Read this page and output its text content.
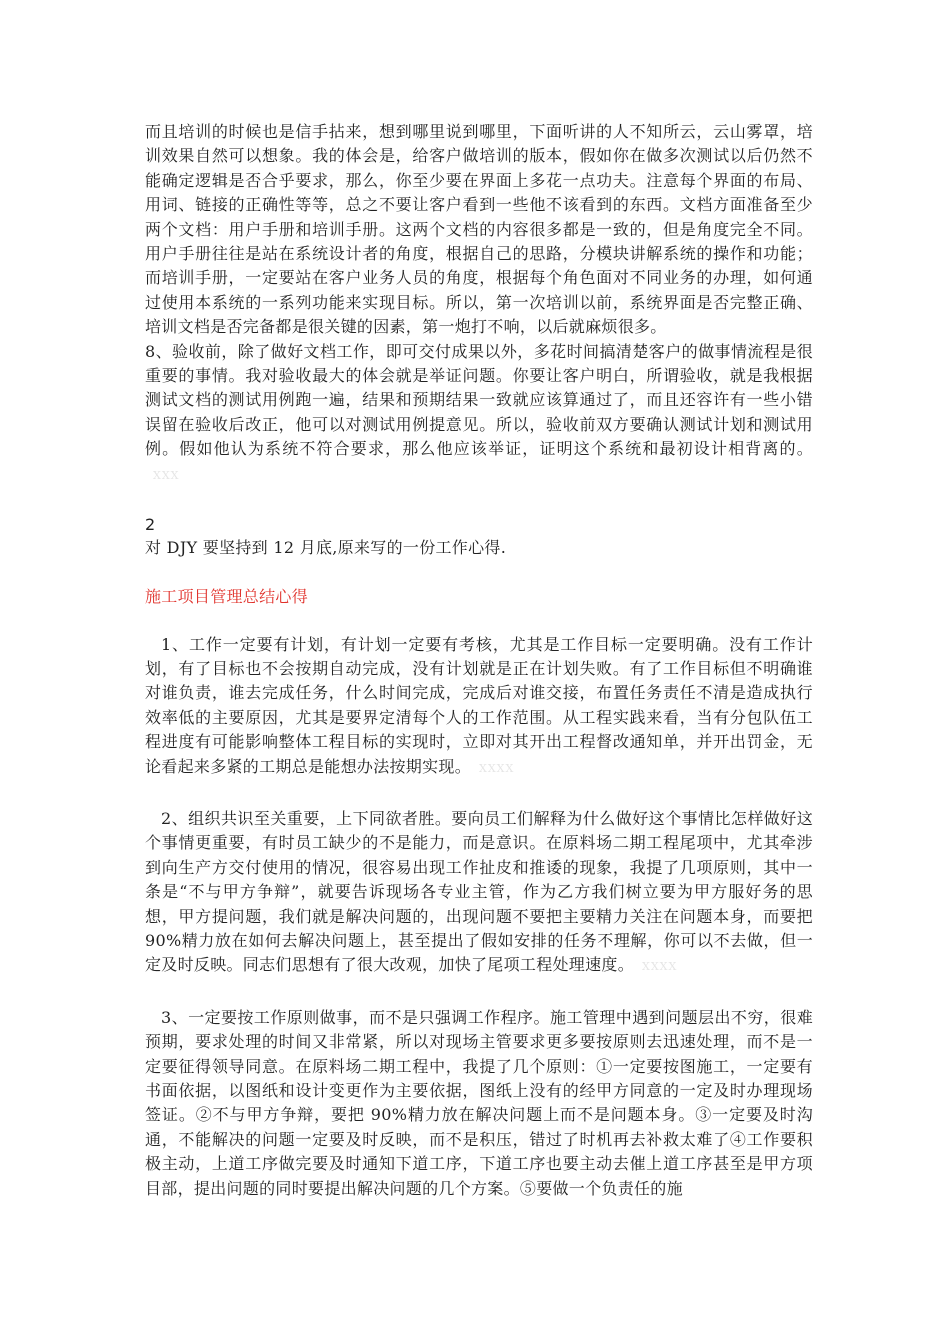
而且培训的时候也是信手拈来，想到哪里说到哪里，下面听讲的人不知所云，云山雾罩，培训效果自然可以想象。我的体会是，给客户做培训的版本，假如你在做多次测试以后仍然不能确定逻辑是否合乎要求，那么，你至少要在界面上多花一点功夫。注意每个界面的布局、用词、链接的正确性等等，总之不要让客户看到一些他不该看到的东西。文档方面准备至少两个文档：用户手册和培训手册。这两个文档的内容很多都是一致的，但是角度完全不同。用户手册往往是站在系统设计者的角度，根据自己的思路，分模块讲解系统的操作和功能；而培训手册，一定要站在客户业务人员的角度，根据每个角色面对不同业务的办理，如何通过使用本系统的一系列功能来实现目标。所以，第一次培训以前，系统界面是否完整正确、培训文档是否完备都是很关键的因素，第一炮打不响，以后就麻烦很多。

8、验收前，除了做好文档工作，即可交付成果以外，多花时间搞清楚客户的做事情流程是很重要的事情。我对验收最大的体会就是举证问题。你要让客户明白，所谓验收，就是我根据测试文档的测试用例跑一遍，结果和预期结果一致就应该算通过了，而且还容许有一些小错误留在验收后改正，他可以对测试用例提意见。所以，验收前双方要确认测试计划和测试用例。假如他认为系统不符合要求，那么他应该举证，证明这个系统和最初设计相背离的。XXX

2

对 DJY 要坚持到 12 月底,原来写的一份工作心得.

施工项目管理总结心得

1、工作一定要有计划，有计划一定要有考核，尤其是工作目标一定要明确。没有工作计划，有了目标也不会按期自动完成，没有计划就是正在计划失败。有了工作目标但不明确谁对谁负责，谁去完成任务，什么时间完成，完成后对谁交接，布置任务责任不清是造成执行效率低的主要原因，尤其是要界定清每个人的工作范围。从工程实践来看，当有分包队伍工程进度有可能影响整体工程目标的实现时，立即对其开出工程督改通知单，并开出罚金，无论看起来多紧的工期总是能想办法按期实现。 XXXX

2、组织共识至关重要，上下同欲者胜。要向员工们解释为什么做好这个事情比怎样做好这个事情更重要，有时员工缺少的不是能力，而是意识。在原料场二期工程尾项中，尤其牵涉到向生产方交付使用的情况，很容易出现工作扯皮和推诿的现象，我提了几项原则，其中一条是“不与甲方争辩”，就要告诉现场各专业主管，作为乙方我们树立要为甲方服好务的思想，甲方提问题，我们就是解决问题的，出现问题不要把主要精力关注在问题本身，而要把 90%精力放在如何去解决问题上，甚至提出了假如安排的任务不理解，你可以不去做，但一定及时反映。同志们思想有了很大改观，加快了尾项工程处理速度。 XXXX

3、一定要按工作原则做事，而不是只强调工作程序。施工管理中遇到问题层出不穷，很难预期，要求处理的时间又非常紧，所以对现场主管要求更多要按原则去迅速处理，而不是一定要征得领导同意。在原料场二期工程中，我提了几个原则：①一定要按图施工，一定要有书面依据，以图纸和设计变更作为主要依据，图纸上没有的经甲方同意的一定及时办理现场签证。②不与甲方争辩，要把 90%精力放在解决问题上而不是问题本身。③一定要及时沟通，不能解决的问题一定要及时反映，而不是积压，错过了时机再去补救太难了④工作要积极主动，上道工序做完要及时通知下道工序，下道工序也要主动去催上道工序甚至是甲方项目部，提出问题的同时要提出解决问题的几个方案。⑤要做一个负责任的施
